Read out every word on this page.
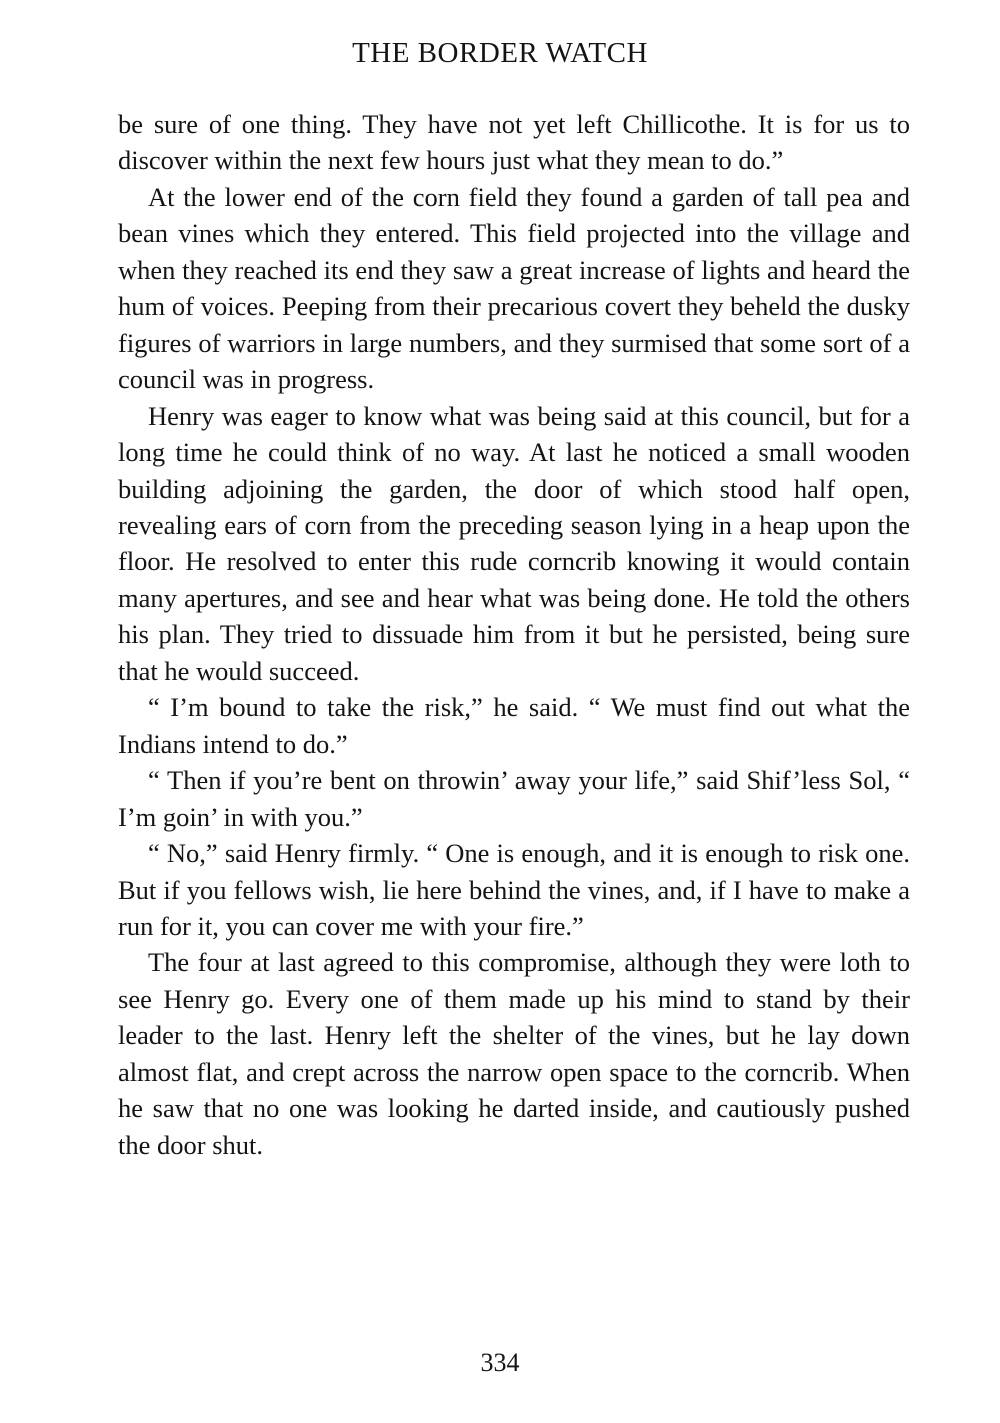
THE BORDER WATCH

be sure of one thing. They have not yet left Chillicothe. It is for us to discover within the next few hours just what they mean to do.”

At the lower end of the corn field they found a garden of tall pea and bean vines which they entered. This field projected into the village and when they reached its end they saw a great increase of lights and heard the hum of voices. Peeping from their precarious covert they beheld the dusky figures of warriors in large numbers, and they surmised that some sort of a council was in progress.

Henry was eager to know what was being said at this council, but for a long time he could think of no way. At last he noticed a small wooden building adjoining the garden, the door of which stood half open, revealing ears of corn from the preceding season lying in a heap upon the floor. He resolved to enter this rude corncrib knowing it would contain many apertures, and see and hear what was being done. He told the others his plan. They tried to dissuade him from it but he persisted, being sure that he would succeed.

“ I’m bound to take the risk,” he said. “ We must find out what the Indians intend to do.”

“ Then if you’re bent on throwin’ away your life,” said Shif’less Sol, “ I’m goin’ in with you.”

“ No,” said Henry firmly. “ One is enough, and it is enough to risk one. But if you fellows wish, lie here behind the vines, and, if I have to make a run for it, you can cover me with your fire.”

The four at last agreed to this compromise, although they were loth to see Henry go. Every one of them made up his mind to stand by their leader to the last. Henry left the shelter of the vines, but he lay down almost flat, and crept across the narrow open space to the corncrib. When he saw that no one was looking he darted inside, and cautiously pushed the door shut.

334
